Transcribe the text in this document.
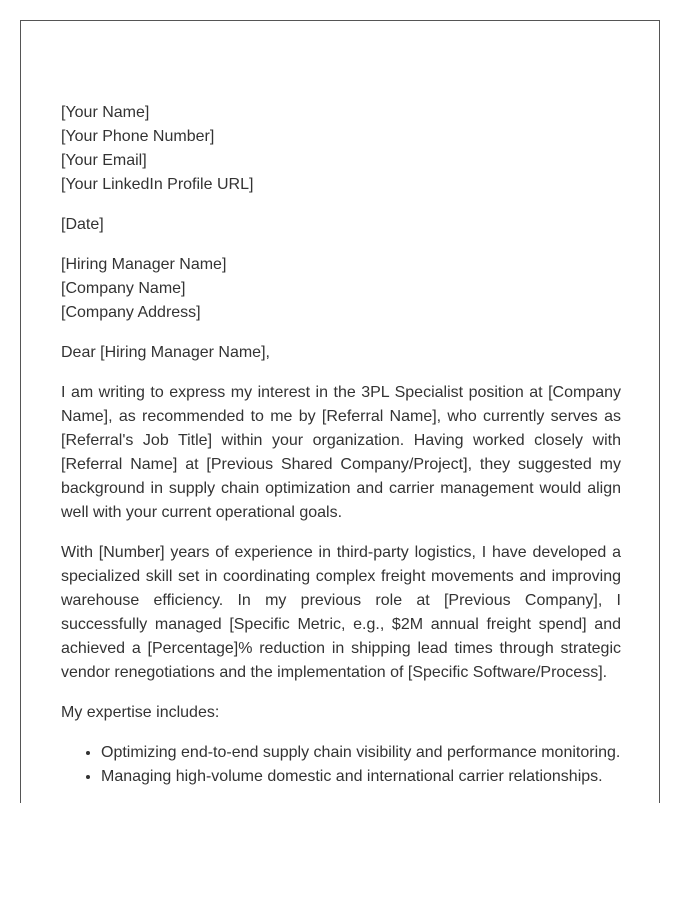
[Your Name]
[Your Phone Number]
[Your Email]
[Your LinkedIn Profile URL]
[Date]
[Hiring Manager Name]
[Company Name]
[Company Address]
Dear [Hiring Manager Name],

I am writing to express my interest in the 3PL Specialist position at [Company Name], as recommended to me by [Referral Name], who currently serves as [Referral's Job Title] within your organization. Having worked closely with [Referral Name] at [Previous Shared Company/Project], they suggested my background in supply chain optimization and carrier management would align well with your current operational goals.

With [Number] years of experience in third-party logistics, I have developed a specialized skill set in coordinating complex freight movements and improving warehouse efficiency. In my previous role at [Previous Company], I successfully managed [Specific Metric, e.g., $2M annual freight spend] and achieved a [Percentage]% reduction in shipping lead times through strategic vendor renegotiations and the implementation of [Specific Software/Process].

My expertise includes:

• Optimizing end-to-end supply chain visibility and performance monitoring.
• Managing high-volume domestic and international carrier relationships.
